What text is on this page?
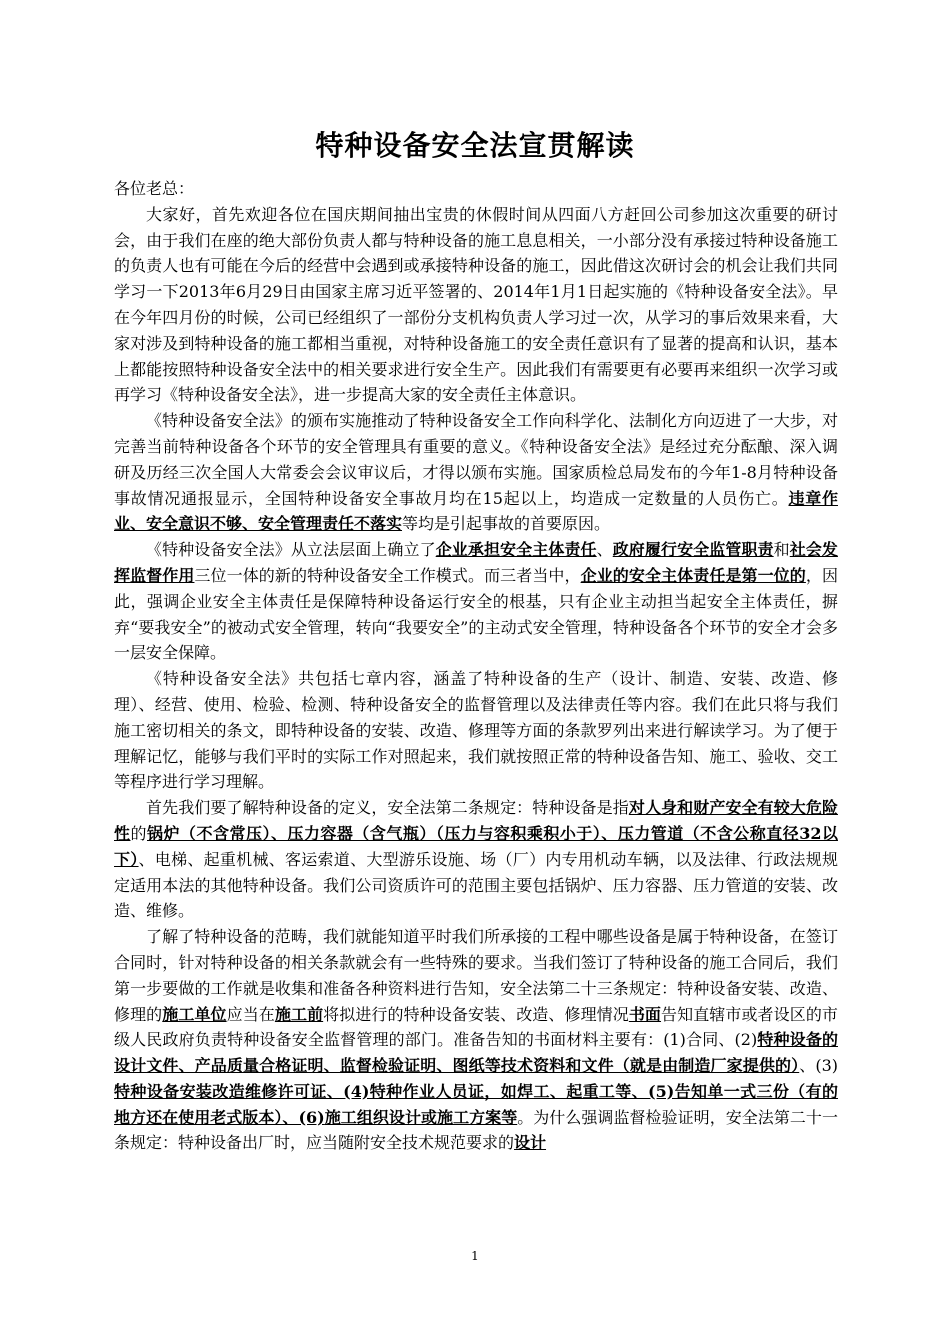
特种设备安全法宣贯解读

各位老总：

大家好，首先欢迎各位在国庆期间抽出宝贵的休假时间从四面八方赶回公司参加这次重要的研讨会，由于我们在座的绝大部份负责人都与特种设备的施工息息相关，一小部分没有承接过特种设备施工的负责人也有可能在今后的经营中会遇到或承接特种设备的施工，因此借这次研讨会的机会让我们共同学习一下2013年6月29日由国家主席习近平签署的、2014年1月1日起实施的《特种设备安全法》。早在今年四月份的时候，公司已经组织了一部份分支机构负责人学习过一次，从学习的事后效果来看，大家对涉及到特种设备的施工都相当重视，对特种设备施工的安全责任意识有了显著的提高和认识，基本上都能按照特种设备安全法中的相关要求进行安全生产。因此我们有需要更有必要再来组织一次学习或再学习《特种设备安全法》，进一步提高大家的安全责任主体意识。

《特种设备安全法》的颁布实施推动了特种设备安全工作向科学化、法制化方向迈进了一大步，对完善当前特种设备各个环节的安全管理具有重要的意义。《特种设备安全法》是经过充分酝酿、深入调研及历经三次全国人大常委会会议审议后，才得以颁布实施。国家质检总局发布的今年1-8月特种设备事故情况通报显示，全国特种设备安全事故月均在15起以上，均造成一定数量的人员伤亡。违章作业、安全意识不够、安全管理责任不落实等均是引起事故的首要原因。

《特种设备安全法》从立法层面上确立了企业承担安全主体责任、政府履行安全监管职责和社会发挥监督作用三位一体的新的特种设备安全工作模式。而三者当中，企业的安全主体责任是第一位的，因此，强调企业安全主体责任是保障特种设备运行安全的根基，只有企业主动担当起安全主体责任，摒弃“要我安全”的被动式安全管理，转向“我要安全”的主动式安全管理，特种设备各个环节的安全才会多一层安全保障。

《特种设备安全法》共包括七章内容，涵盖了特种设备的生产（设计、制造、安装、改造、修理）、经营、使用、检验、检测、特种设备安全的监督管理以及法律责任等内容。我们在此只将与我们施工密切相关的条文，即特种设备的安装、改造、修理等方面的条款罗列出来进行解读学习。为了便于理解记忆，能够与我们平时的实际工作对照起来，我们就按照正常的特种设备告知、施工、验收、交工等程序进行学习理解。

首先我们要了解特种设备的定义，安全法第二条规定：特种设备是指对人身和财产安全有较大危险性的锅炉（不含常压）、压力容器（含气瓶）（压力与容积乘积小于）、压力管道（不含公称直径32以下）、电梯、起重机械、客运索道、大型游乐设施、场（厂）内专用机动车辆，以及法律、行政法规规定适用本法的其他特种设备。我们公司资质许可的范围主要包括锅炉、压力容器、压力管道的安装、改造、维修。

了解了特种设备的范畴，我们就能知道平时我们所承接的工程中哪些设备是属于特种设备，在签订合同时，针对特种设备的相关条款就会有一些特殊的要求。当我们签订了特种设备的施工合同后，我们第一步要做的工作就是收集和准备各种资料进行告知，安全法第二十三条规定：特种设备安装、改造、修理的施工单位应当在施工前将拟进行的特种设备安装、改造、修理情况书面告知直辖市或者设区的市级人民政府负责特种设备安全监督管理的部门。准备告知的书面材料主要有：(1)合同、(2)特种设备的设计文件、产品质量合格证明、监督检验证明、图纸等技术资料和文件（就是由制造厂家提供的）、(3)特种设备安装改造维修许可证、(4)特种作业人员证，如焊工、起重工等、(5)告知单一式三份（有的地方还在使用老式版本）、(6)施工组织设计或施工方案等。为什么强调监督检验证明，安全法第二十一条规定：特种设备出厂时，应当随附安全技术规范要求的设计

1
